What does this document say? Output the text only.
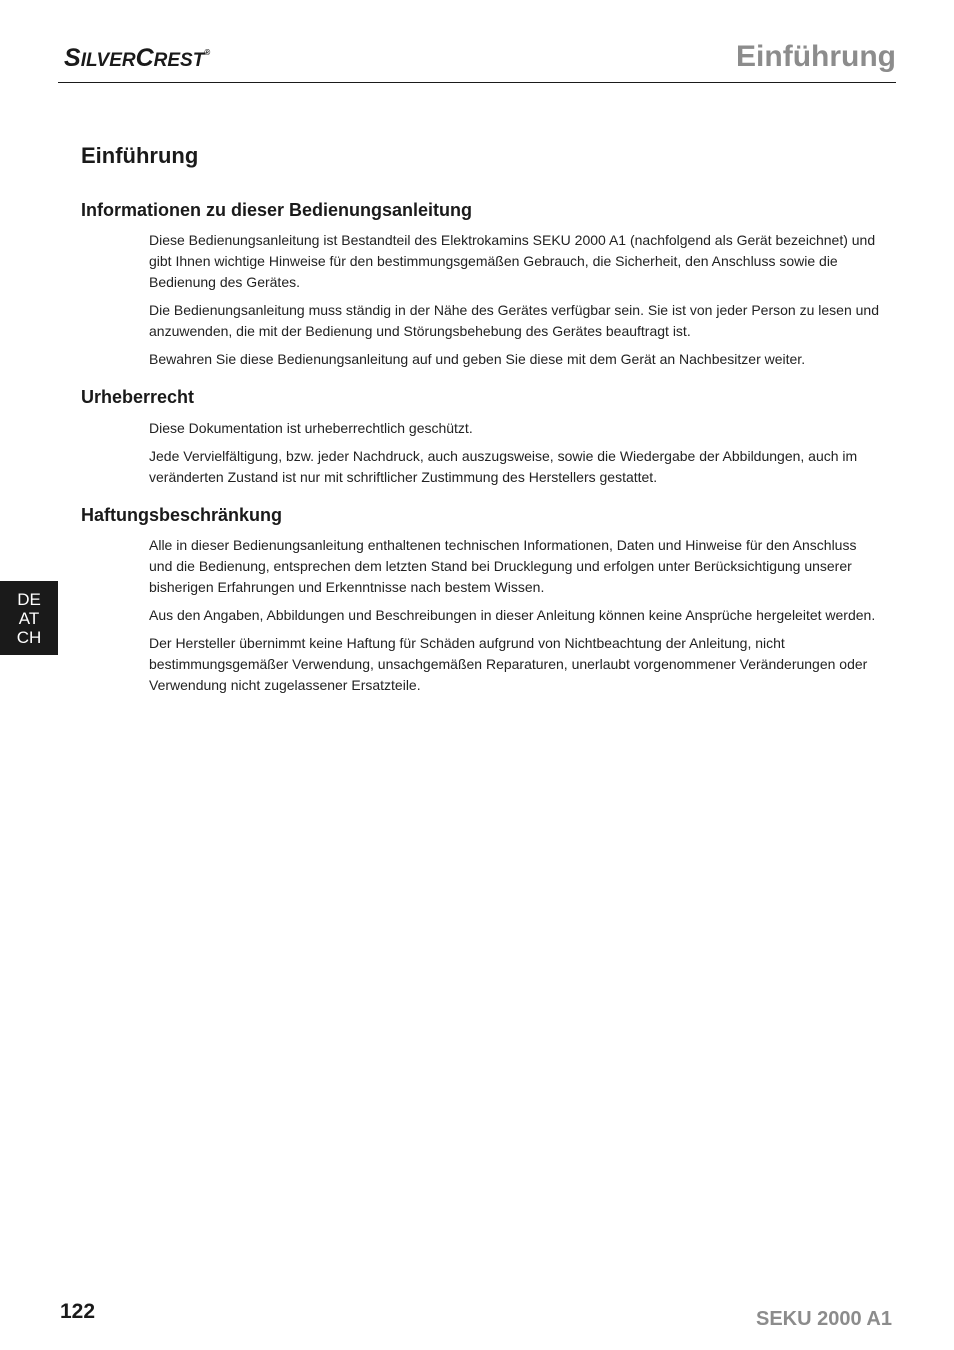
SILVERCREST®	Einführung
Einführung
Informationen zu dieser Bedienungsanleitung

Diese Bedienungsanleitung ist Bestandteil des Elektrokamins SEKU 2000 A1 (nachfolgend als Gerät bezeichnet) und gibt Ihnen wichtige Hinweise für den bestimmungsgemäßen Gebrauch, die Sicherheit, den Anschluss sowie die Bedienung des Gerätes.

Die Bedienungsanleitung muss ständig in der Nähe des Gerätes verfügbar sein. Sie ist von jeder Person zu lesen und anzuwenden, die mit der Bedienung und Störungsbehebung des Gerätes beauftragt ist.

Bewahren Sie diese Bedienungsanleitung auf und geben Sie diese mit dem Gerät an Nachbesitzer weiter.

Urheberrecht

Diese Dokumentation ist urheberrechtlich geschützt.

Jede Vervielfältigung, bzw. jeder Nachdruck, auch auszugsweise, sowie die Wiedergabe der Abbildungen, auch im veränderten Zustand ist nur mit schriftlicher Zustimmung des Herstellers gestattet.

Haftungsbeschränkung

Alle in dieser Bedienungsanleitung enthaltenen technischen Informationen, Daten und Hinweise für den Anschluss und die Bedienung, entsprechen dem letzten Stand bei Drucklegung und erfolgen unter Berücksichtigung unserer bisherigen Erfahrungen und Erkenntnisse nach bestem Wissen.

Aus den Angaben, Abbildungen und Beschreibungen in dieser Anleitung können keine Ansprüche hergeleitet werden.

Der Hersteller übernimmt keine Haftung für Schäden aufgrund von Nichtbeachtung der Anleitung, nicht bestimmungsgemäßer Verwendung, unsachgemäßen Reparaturen, unerlaubt vorgenommener Veränderungen oder Verwendung nicht zugelassener Ersatzteile.

DE
AT
CH
122	SEKU 2000 A1
